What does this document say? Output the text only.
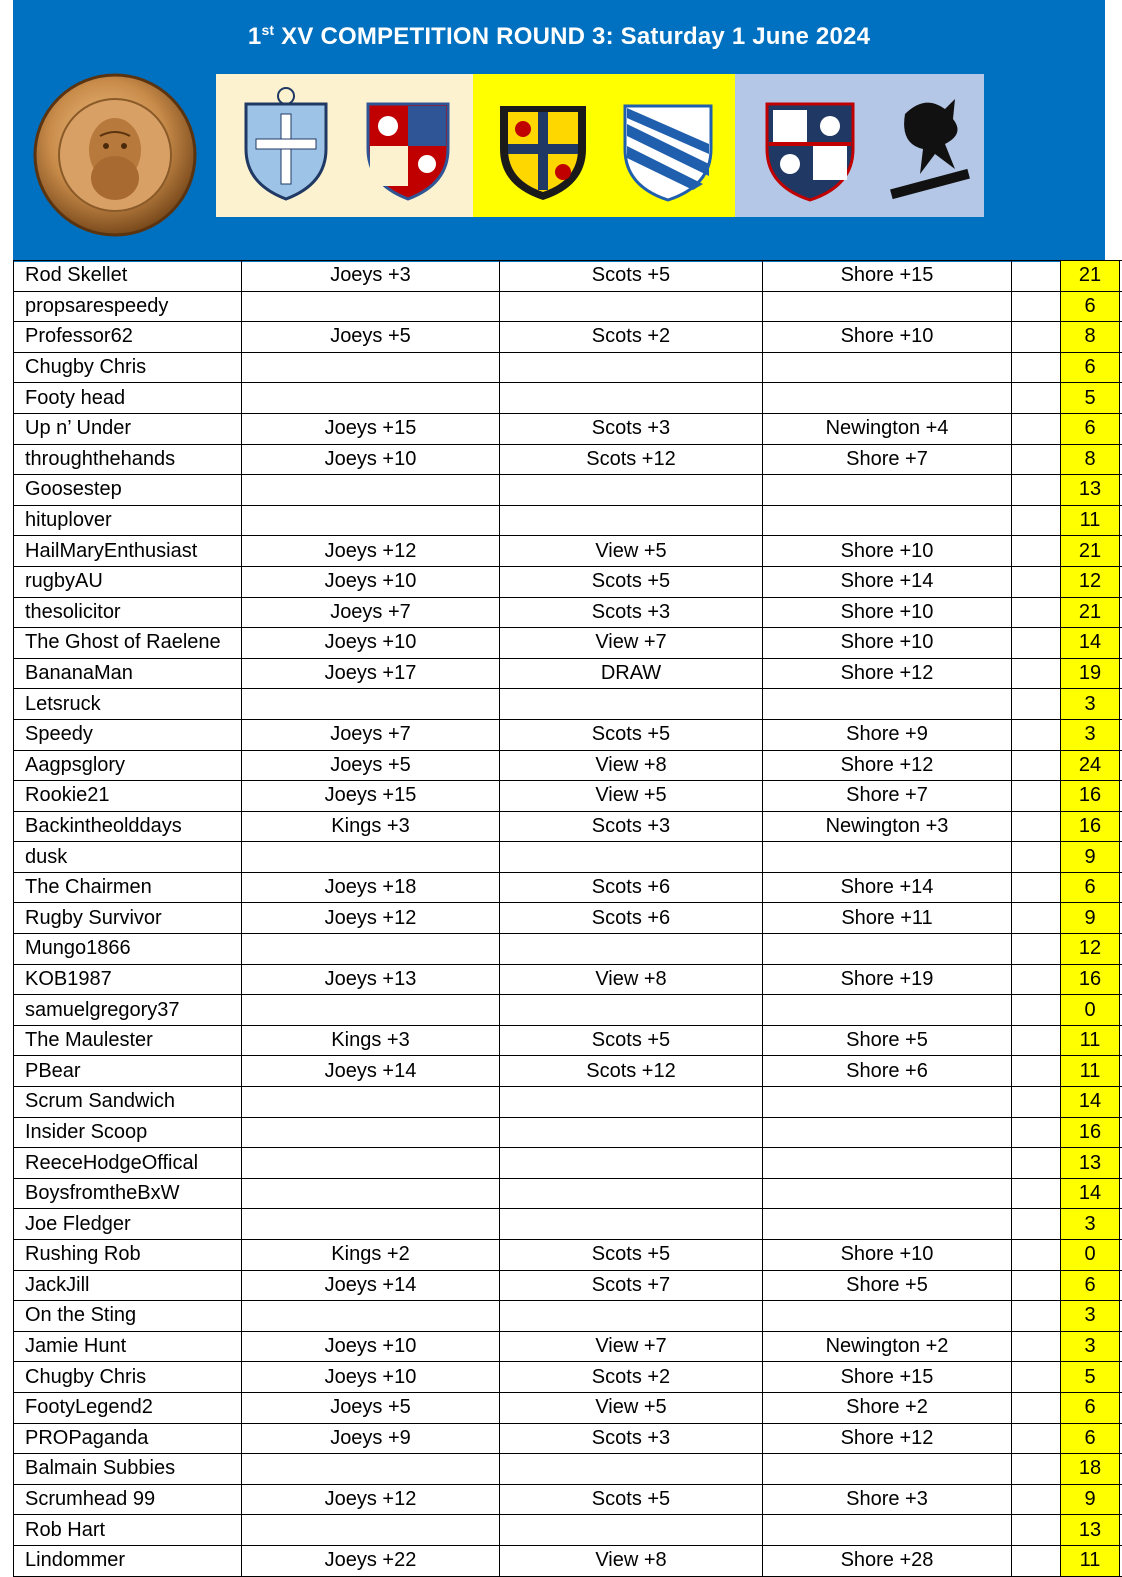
1st XV COMPETITION ROUND 3: Saturday 1 June 2024
Rod Skellet	Joeys +3	Scots +5	Shore +15		21	
propsarespeedy					6	
Professor62	Joeys +5	Scots +2	Shore +10		8	
Chugby Chris					6	
Footy head					5	
Up n’ Under	Joeys +15	Scots +3	Newington +4		6	
throughthehands	Joeys +10	Scots +12	Shore +7		8	
Goosestep					13	
hituplover					11	
HailMaryEnthusiast	Joeys +12	View +5	Shore +10		21	
rugbyAU	Joeys +10	Scots +5	Shore +14		12	
thesolicitor	Joeys +7	Scots +3	Shore +10		21	
The Ghost of Raelene	Joeys +10	View +7	Shore +10		14	
BananaMan	Joeys +17	DRAW	Shore +12		19	
Letsruck					3	
Speedy	Joeys +7	Scots +5	Shore +9		3	
Aagpsglory	Joeys +5	View +8	Shore +12		24	
Rookie21	Joeys +15	View +5	Shore +7		16	
Backintheolddays	Kings +3	Scots +3	Newington +3		16	
dusk					9	
The Chairmen	Joeys +18	Scots +6	Shore +14		6	
Rugby Survivor	Joeys +12	Scots +6	Shore +11		9	
Mungo1866					12	
KOB1987	Joeys +13	View +8	Shore +19		16	
samuelgregory37					0	
The Maulester	Kings +3	Scots +5	Shore +5		11	
PBear	Joeys +14	Scots +12	Shore +6		11	
Scrum Sandwich					14	
Insider Scoop					16	
ReeceHodgeOffical					13	
BoysfromtheBxW					14	
Joe Fledger					3	
Rushing Rob	Kings +2	Scots +5	Shore +10		0	
JackJill	Joeys +14	Scots +7	Shore +5		6	
On the Sting					3	
Jamie Hunt	Joeys +10	View +7	Newington +2		3	
Chugby Chris	Joeys +10	Scots +2	Shore +15		5	
FootyLegend2	Joeys +5	View +5	Shore +2		6	
PROPaganda	Joeys +9	Scots +3	Shore +12		6	
Balmain Subbies					18	
Scrumhead 99	Joeys +12	Scots +5	Shore +3		9	
Rob Hart					13	
Lindommer	Joeys +22	View +8	Shore +28		11	
